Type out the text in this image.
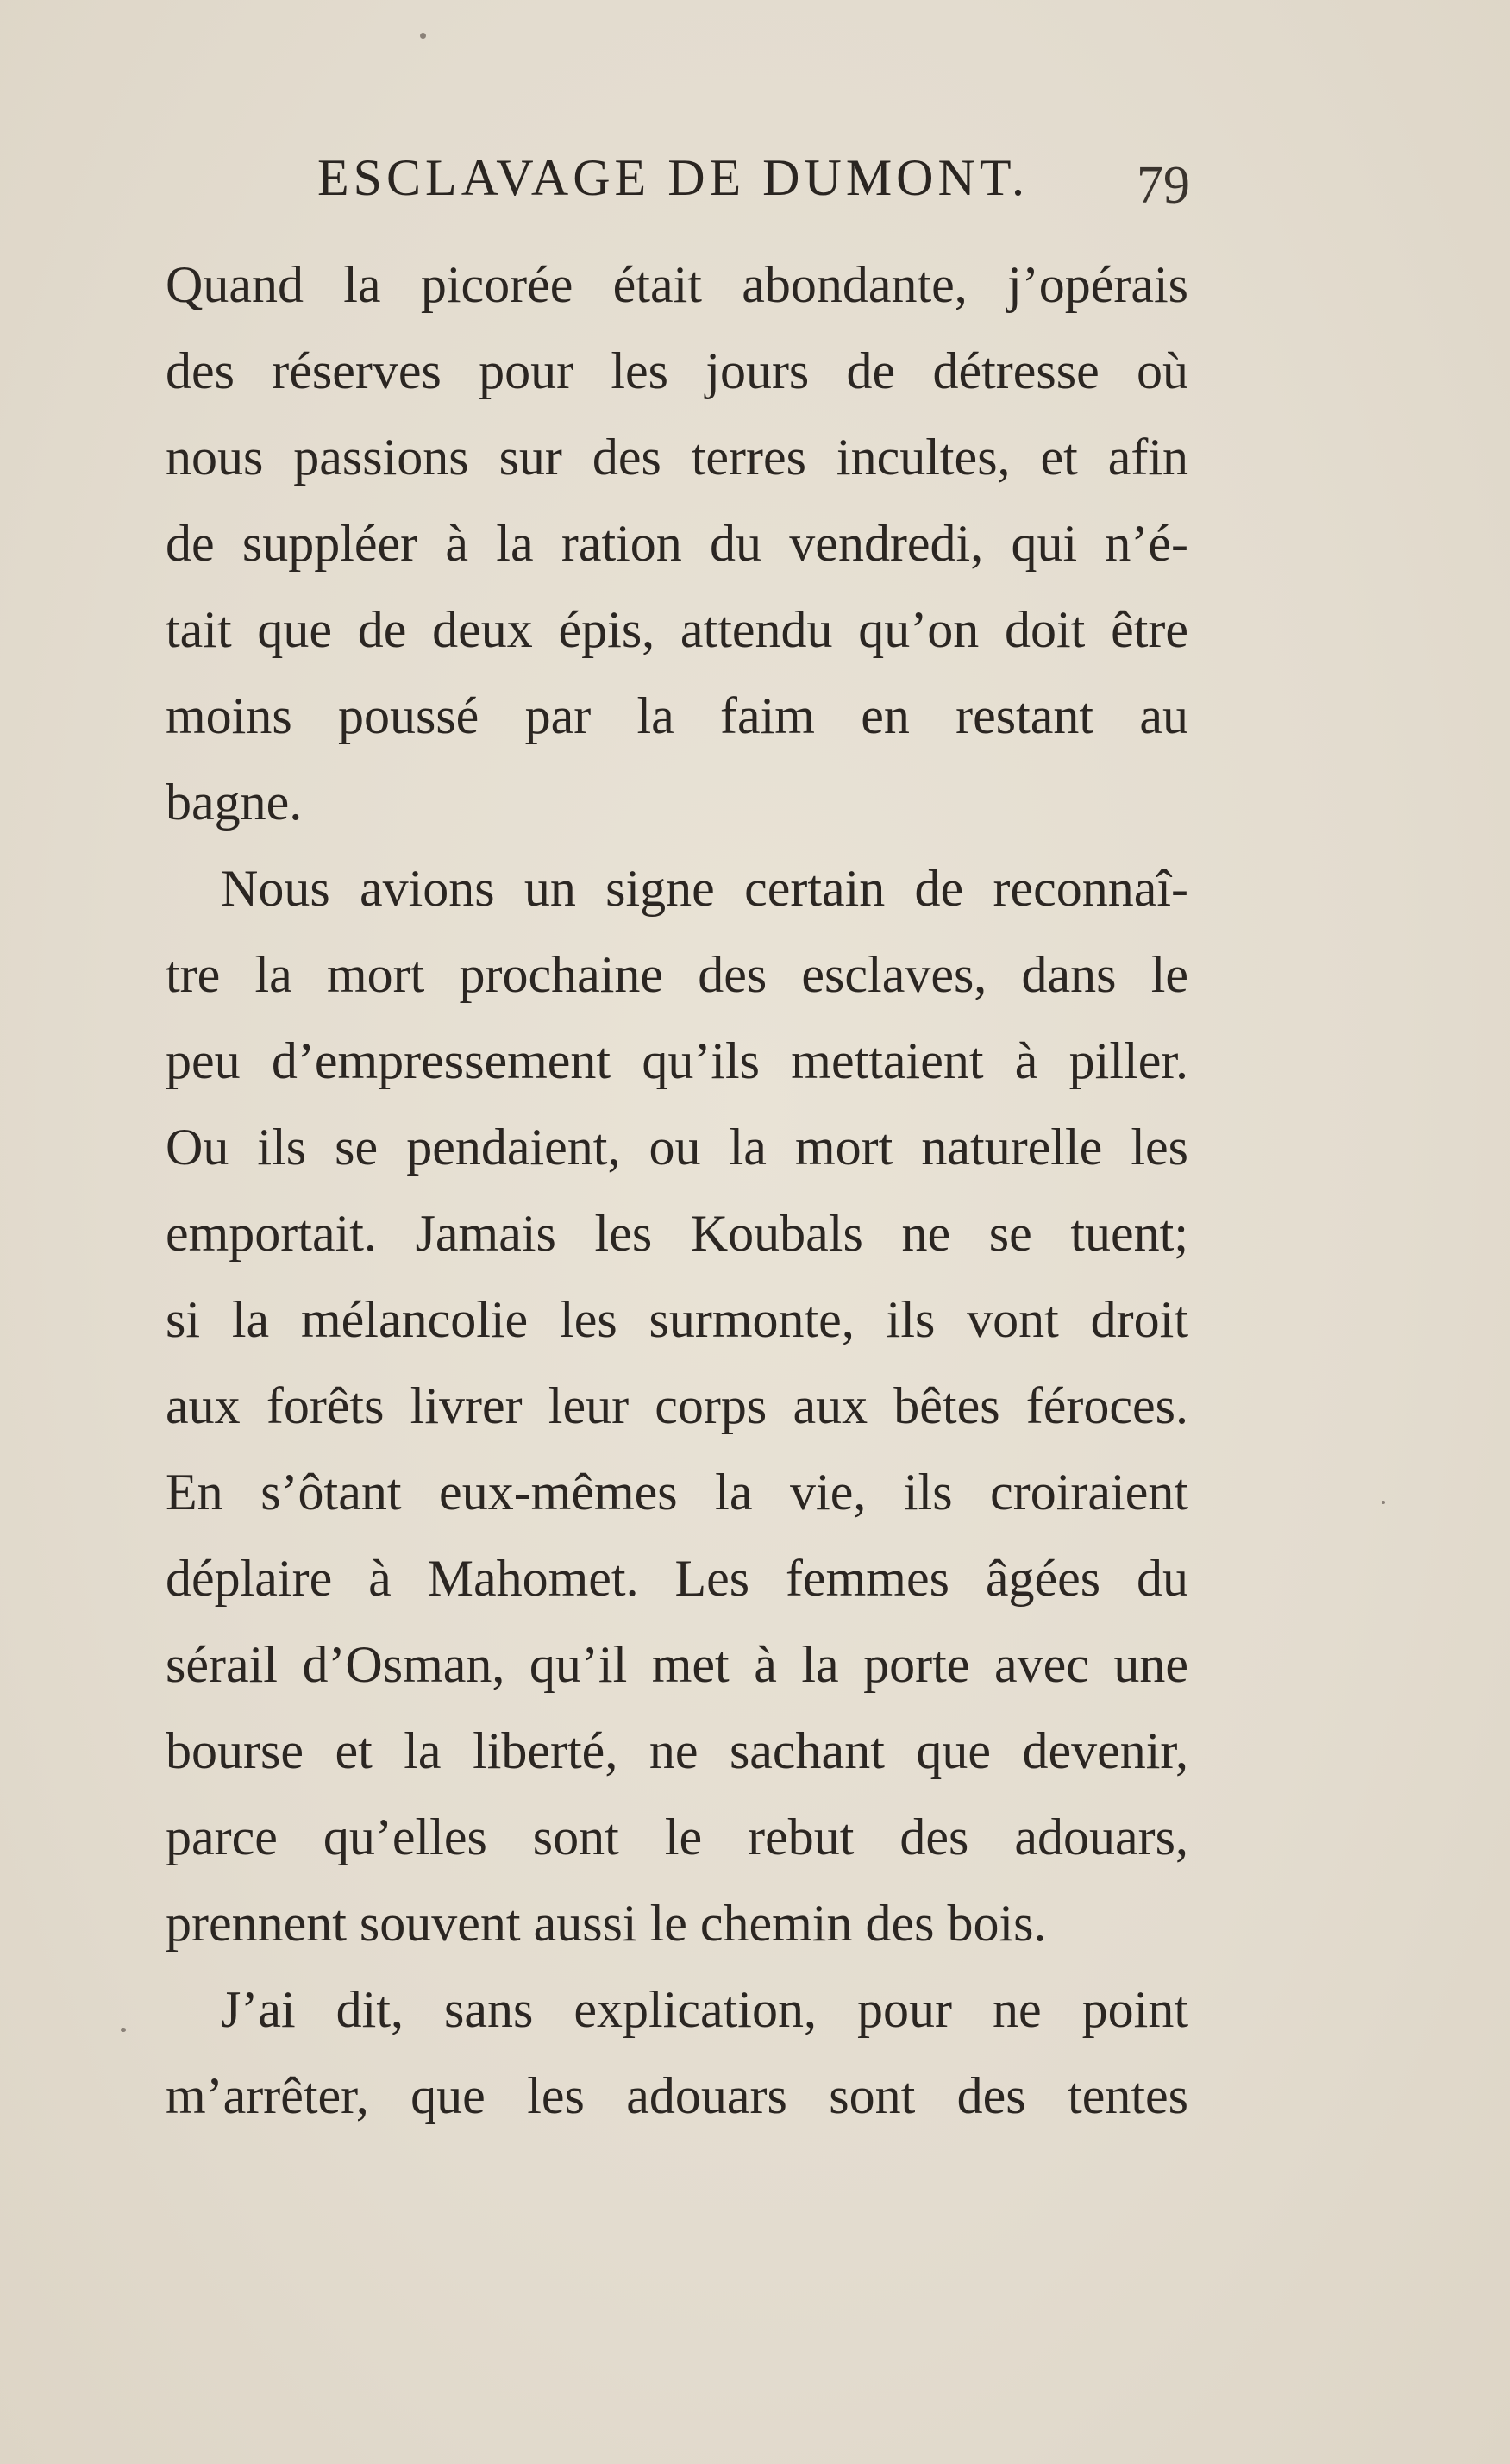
ESCLAVAGE DE DUMONT. 79
Quand la picorée était abondante, j’opérais
des réserves pour les jours de détresse où
nous passions sur des terres incultes, et afin
de suppléer à la ration du vendredi, qui n’é-
tait que de deux épis, attendu qu’on doit être
moins poussé par la faim en restant au
bagne.
Nous avions un signe certain de reconnaî-
tre la mort prochaine des esclaves, dans le
peu d’empressement qu’ils mettaient à piller.
Ou ils se pendaient, ou la mort naturelle les
emportait. Jamais les Koubals ne se tuent;
si la mélancolie les surmonte, ils vont droit
aux forêts livrer leur corps aux bêtes féroces.
En s’ôtant eux-mêmes la vie, ils croiraient
déplaire à Mahomet. Les femmes âgées du
sérail d’Osman, qu’il met à la porte avec une
bourse et la liberté, ne sachant que devenir,
parce qu’elles sont le rebut des adouars,
prennent souvent aussi le chemin des bois.
J’ai dit, sans explication, pour ne point
m’arrêter, que les adouars sont des tentes
